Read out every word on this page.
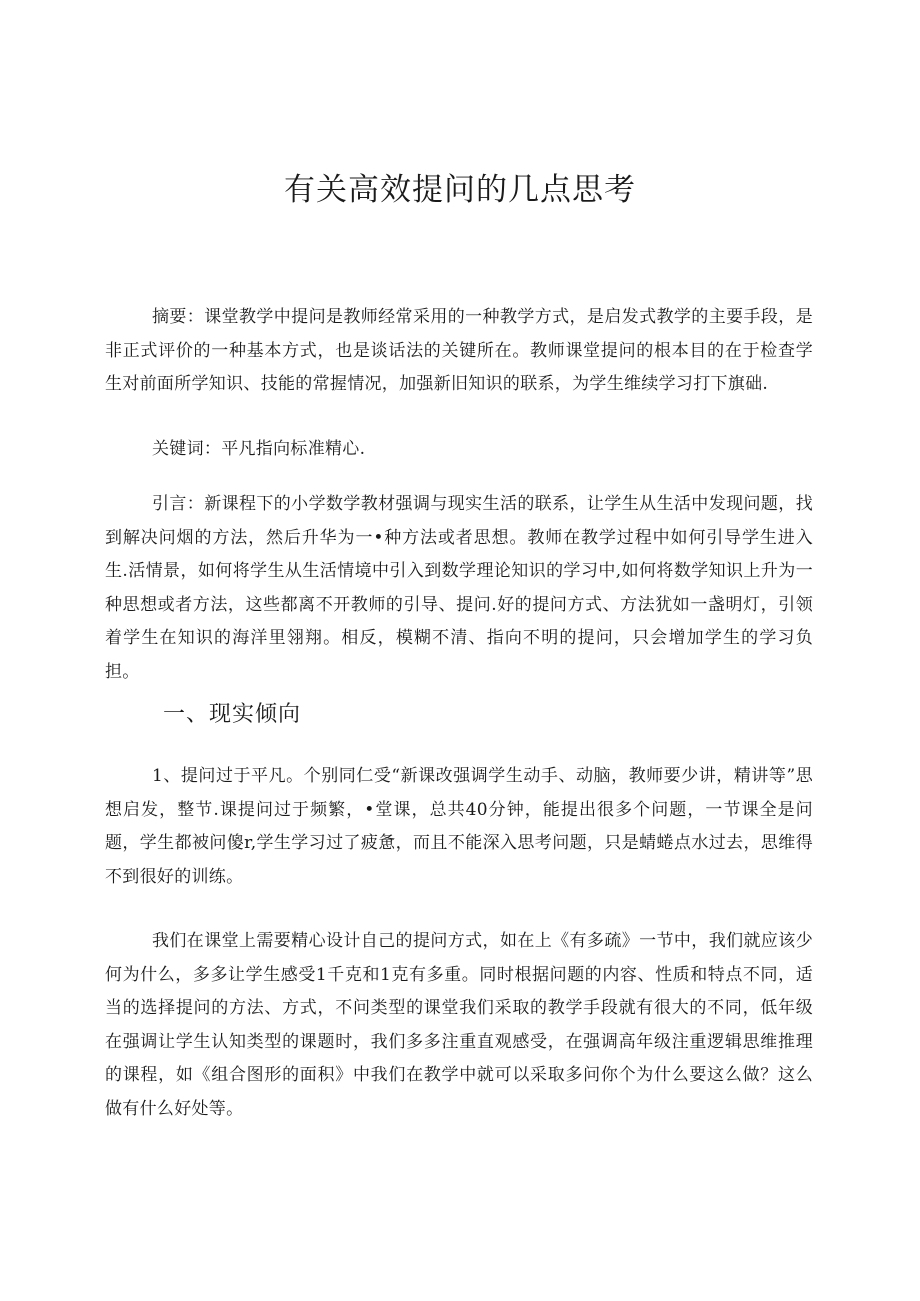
有关高效提问的几点思考

摘要：课堂教学中提问是教师经常采用的一种教学方式，是启发式教学的主要手段，是非正式评价的一种基本方式，也是谈话法的关键所在。教师课堂提问的根本目的在于检查学生对前面所学知识、技能的常握情况，加强新旧知识的联系，为学生维续学习打下旗础.

关键词：平凡指向标准精心.

引言：新课程下的小学数学教材强调与现实生活的联系，让学生从生活中发现问题，找到解决问烟的方法，然后升华为一•种方法或者思想。教师在教学过程中如何引导学生进入生.活情景，如何将学生从生活情境中引入到数学理论知识的学习中,如何将数学知识上升为一种思想或者方法，这些都离不开教师的引导、提问.好的提问方式、方法犹如一盏明灯，引领着学生在知识的海洋里翎翔。相反，模糊不清、指向不明的提问，只会增加学生的学习负担。

一、现实倾向

1、提问过于平凡。个别同仁受“新课改强调学生动手、动脑，教师要少讲，精讲等”思想启发，整节.课提问过于频繁，•堂课，总共40分钟，能提出很多个问题，一节课全是问题，学生都被问傻r,学生学习过了疲惫，而且不能深入思考问题，只是蜻蜷点水过去，思维得不到很好的训练。

我们在课堂上需要精心设计自己的提问方式，如在上《有多疏》一节中，我们就应该少何为什么，多多让学生感受1千克和1克有多重。同时根据问题的内容、性质和特点不同，适当的选择提问的方法、方式，不问类型的课堂我们采取的教学手段就有很大的不同，低年级在强调让学生认知类型的课题时，我们多多注重直观感受，在强调高年级注重逻辑思维推理的课程，如《组合图形的面积》中我们在教学中就可以采取多问你个为什么要这么做？这么做有什么好处等。
